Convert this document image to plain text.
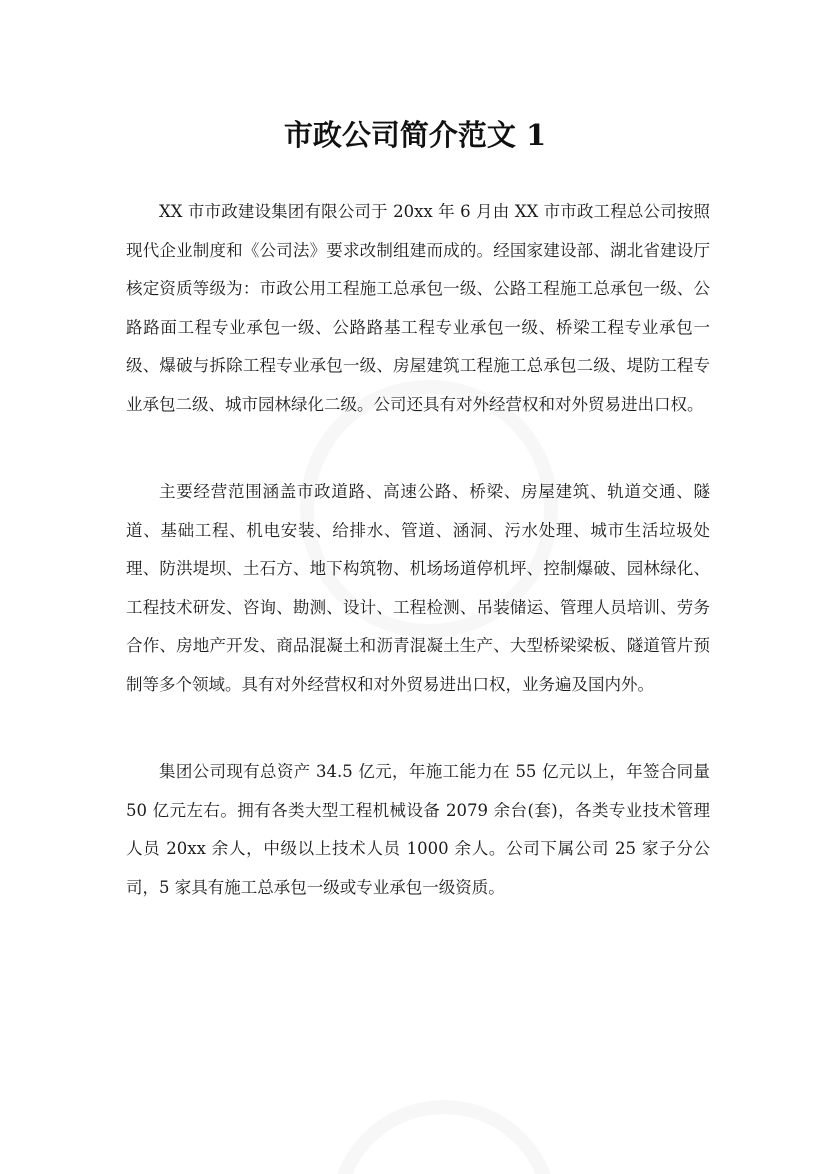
市政公司简介范文 1

XX 市市政建设集团有限公司于 20xx 年 6 月由 XX 市市政工程总公司按照现代企业制度和《公司法》要求改制组建而成的。经国家建设部、湖北省建设厅核定资质等级为：市政公用工程施工总承包一级、公路工程施工总承包一级、公路路面工程专业承包一级、公路路基工程专业承包一级、桥梁工程专业承包一级、爆破与拆除工程专业承包一级、房屋建筑工程施工总承包二级、堤防工程专业承包二级、城市园林绿化二级。公司还具有对外经营权和对外贸易进出口权。

主要经营范围涵盖市政道路、高速公路、桥梁、房屋建筑、轨道交通、隧道、基础工程、机电安装、给排水、管道、涵洞、污水处理、城市生活垃圾处理、防洪堤坝、土石方、地下构筑物、机场场道停机坪、控制爆破、园林绿化、工程技术研发、咨询、勘测、设计、工程检测、吊装储运、管理人员培训、劳务合作、房地产开发、商品混凝土和沥青混凝土生产、大型桥梁梁板、隧道管片预制等多个领域。具有对外经营权和对外贸易进出口权，业务遍及国内外。

集团公司现有总资产 34.5 亿元，年施工能力在 55 亿元以上，年签合同量 50 亿元左右。拥有各类大型工程机械设备 2079 余台(套)，各类专业技术管理人员 20xx 余人，中级以上技术人员 1000 余人。公司下属公司 25 家子分公司，5 家具有施工总承包一级或专业承包一级资质。
